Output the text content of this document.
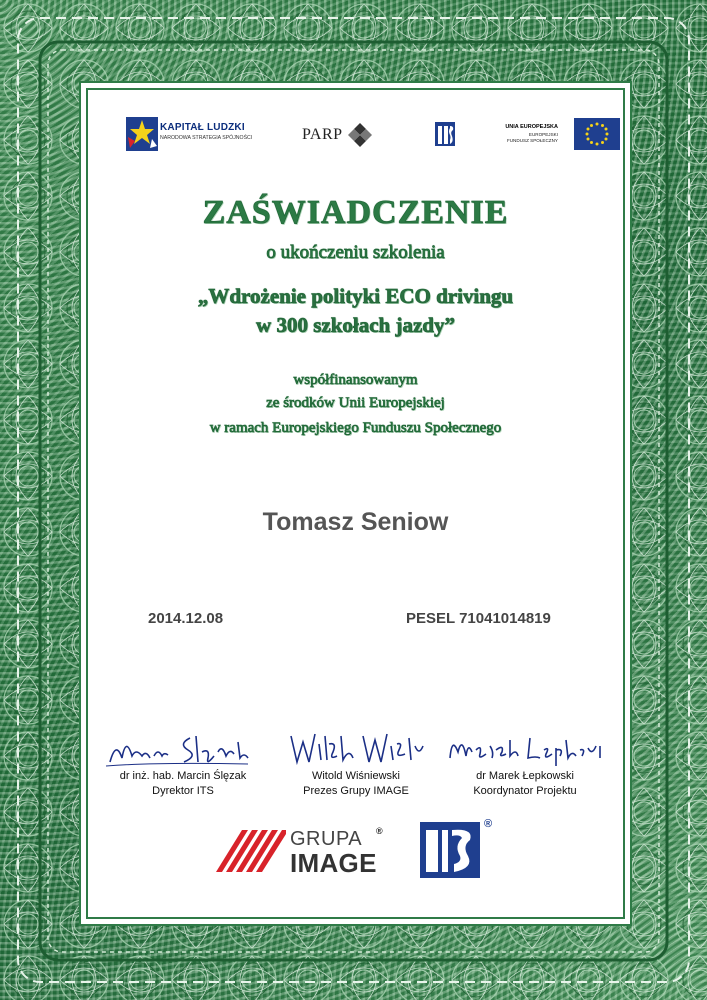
KAPITAŁ LUDZKI
NARODOWA STRATEGIA SPÓJNOŚCI	PARP	UNIA EUROPEJSKA
EUROPEJSKI
FUNDUSZ SPOŁECZNY
ZAŚWIADCZENIE
o ukończeniu szkolenia
„Wdrożenie polityki ECO drivingu
w 300 szkołach jazdy”
współfinansowanym
ze środków Unii Europejskiej
w ramach Europejskiego Funduszu Społecznego
Tomasz Seniow
2014.12.08	PESEL 71041014819
dr inż. hab. Marcin Ślęzak
Dyrektor ITS
Witold Wiśniewski
Prezes Grupy IMAGE
dr Marek Łepkowski
Koordynator Projektu
GRUPA
IMAGE
®
®
